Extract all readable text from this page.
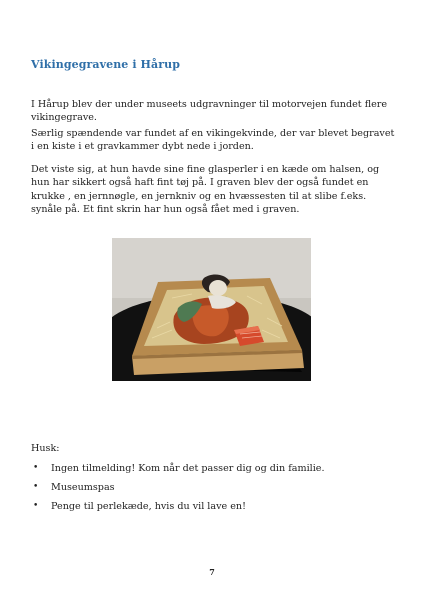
Vikingegravene i Hårup

I Hårup blev der under museets udgravninger til motorvejen fundet flere vikingegrave.

Særlig spændende var fundet af en vikingekvinde, der var blevet begravet i en kiste i et gravkammer dybt nede i jorden.

Det viste sig, at hun havde sine fine glasperler i en kæde om halsen, og hun har sikkert også haft fint tøj på. I graven blev der også fundet en krukke , en jernnøgle, en jernkniv og en hvæssesten til at slibe f.eks. synåle på. Et fint skrin har hun også fået med i graven.

Husk:

• Ingen tilmelding! Kom når det passer dig og din familie.
• Museumspas
• Penge til perlekæde, hvis du vil lave en!
7
